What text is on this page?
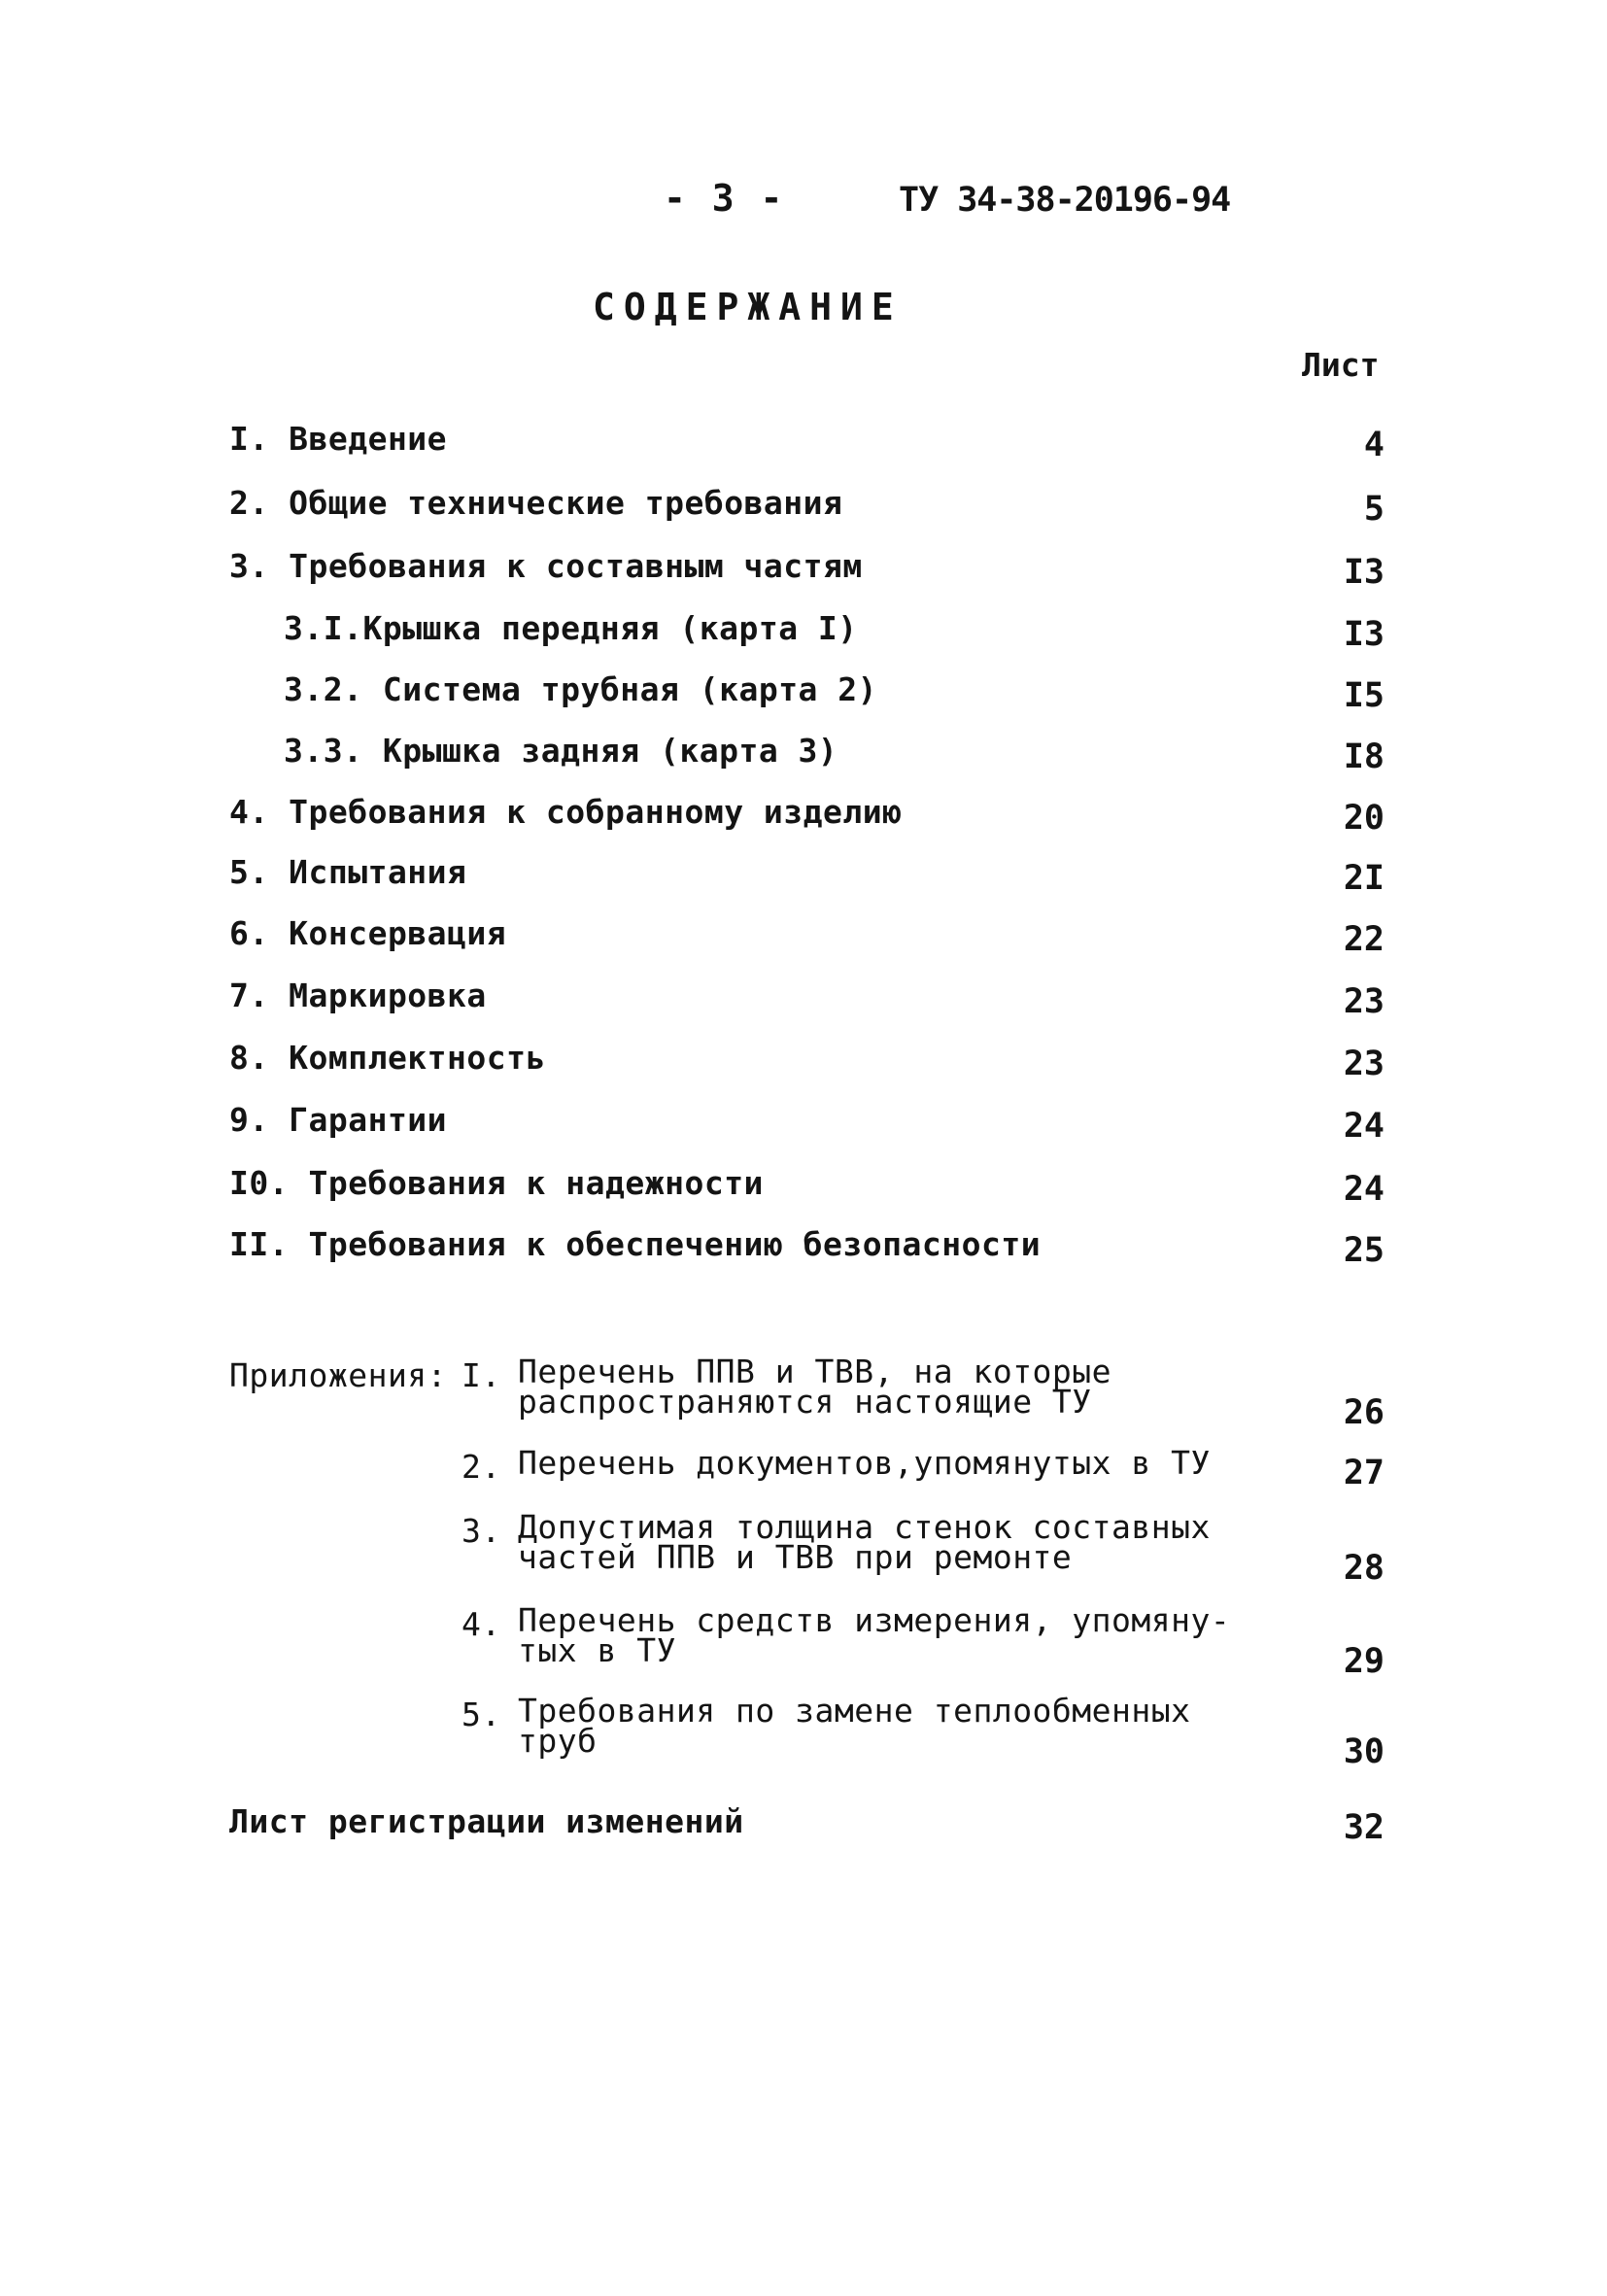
- 3 -	ТУ 34-38-20196-94
СОДЕРЖАНИЕ
Лист
I. Введение	4
2. Общие технические требования	5
3. Требования к составным частям	I3
3.I.Крышка передняя (карта I)	I3
3.2. Система трубная (карта 2)	I5
3.3. Крышка задняя (карта 3)	I8
4. Требования к собранному изделию	20
5. Испытания	2I
6. Консервация	22
7. Маркировка	23
8. Комплектность	23
9. Гарантии	24
I0. Требования к надежности	24
II. Требования к обеспечению безопасности	25
Приложения: I. Перечень ППВ и ТВВ, на которые
распространяются настоящие ТУ	26
2. Перечень документов,упомянутых в ТУ	27
3. Допустимая толщина стенок составных
частей ППВ и ТВВ при ремонте	28
4. Перечень средств измерения, упомяну-
тых в ТУ	29
5. Требования по замене теплообменных
труб	30
Лист регистрации изменений	32
